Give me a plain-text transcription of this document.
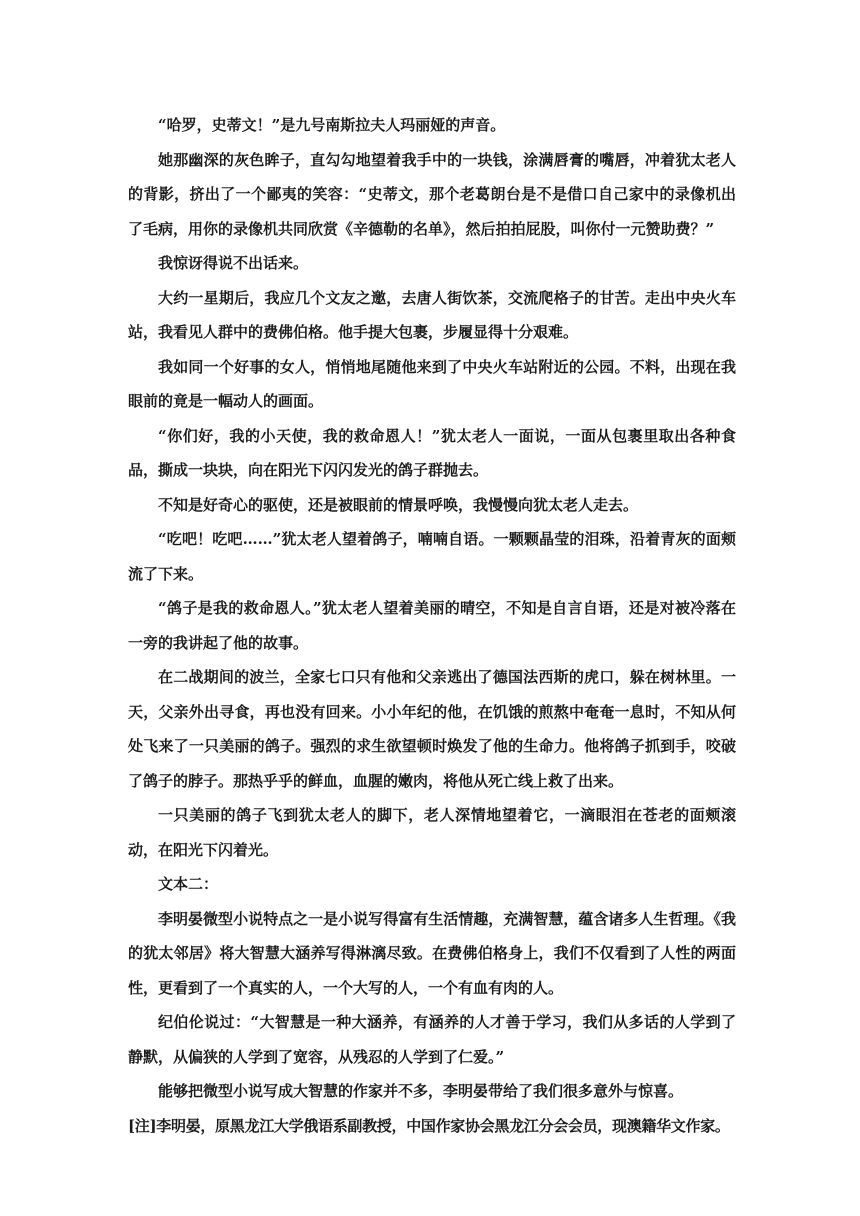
“哈罗，史蒂文！”是九号南斯拉夫人玛丽娅的声音。

她那幽深的灰色眸子，直勾勾地望着我手中的一块钱，涂满唇膏的嘴唇，冲着犹太老人的背影，挤出了一个鄙夷的笑容：“史蒂文，那个老葛朗台是不是借口自己家中的录像机出了毛病，用你的录像机共同欣赏《辛德勒的名单》，然后拍拍屁股，叫你付一元赞助费？”

我惊讶得说不出话来。

大约一星期后，我应几个文友之邀，去唐人街饮茶，交流爬格子的甘苦。走出中央火车站，我看见人群中的费佛伯格。他手提大包裹，步履显得十分艰难。

我如同一个好事的女人，悄悄地尾随他来到了中央火车站附近的公园。不料，出现在我眼前的竟是一幅动人的画面。

“你们好，我的小天使，我的救命恩人！”犹太老人一面说，一面从包裹里取出各种食品，撕成一块块，向在阳光下闪闪发光的鸽子群抛去。

不知是好奇心的驱使，还是被眼前的情景呼唤，我慢慢向犹太老人走去。

“吃吧！吃吧……”犹太老人望着鸽子，喃喃自语。一颗颗晶莹的泪珠，沿着青灰的面颊流了下来。

“鸽子是我的救命恩人。”犹太老人望着美丽的晴空，不知是自言自语，还是对被冷落在一旁的我讲起了他的故事。

在二战期间的波兰，全家七口只有他和父亲逃出了德国法西斯的虎口，躲在树林里。一天，父亲外出寻食，再也没有回来。小小年纪的他，在饥饿的煎熬中奄奄一息时，不知从何处飞来了一只美丽的鸽子。强烈的求生欲望顿时焕发了他的生命力。他将鸽子抓到手，咬破了鸽子的脖子。那热乎乎的鲜血，血腥的嫩肉，将他从死亡线上救了出来。

一只美丽的鸽子飞到犹太老人的脚下，老人深情地望着它，一滴眼泪在苍老的面颊滚动，在阳光下闪着光。

文本二：

李明晏微型小说特点之一是小说写得富有生活情趣，充满智慧，蕴含诸多人生哲理。《我的犹太邻居》将大智慧大涵养写得淋漓尽致。在费佛伯格身上，我们不仅看到了人性的两面性，更看到了一个真实的人，一个大写的人，一个有血有肉的人。

纪伯伦说过：“大智慧是一种大涵养，有涵养的人才善于学习，我们从多话的人学到了静默，从偏狭的人学到了宽容，从残忍的人学到了仁爱。”

能够把微型小说写成大智慧的作家并不多，李明晏带给了我们很多意外与惊喜。

[注]李明晏，原黑龙江大学俄语系副教授，中国作家协会黑龙江分会会员，现澳籍华文作家。
